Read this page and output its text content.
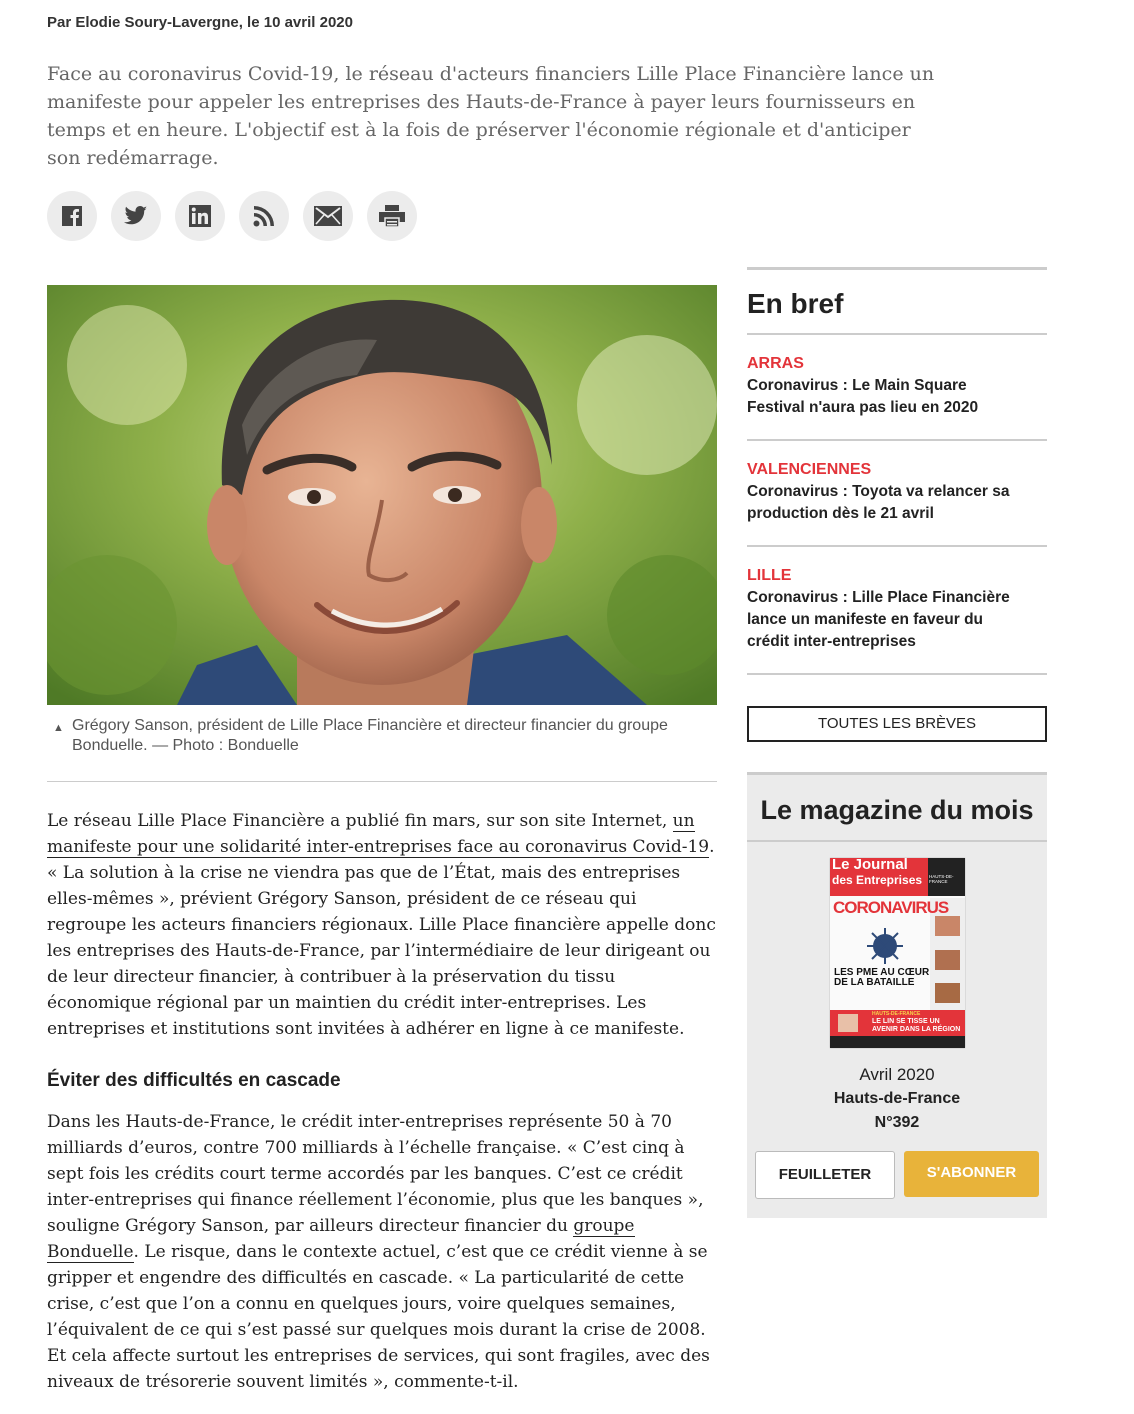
Par Elodie Soury-Lavergne, le 10 avril 2020
Face au coronavirus Covid-19, le réseau d'acteurs financiers Lille Place Financière lance un manifeste pour appeler les entreprises des Hauts-de-France à payer leurs fournisseurs en temps et en heure. L'objectif est à la fois de préserver l'économie régionale et d'anticiper son redémarrage.
▲ Grégory Sanson, président de Lille Place Financière et directeur financier du groupe Bonduelle. — Photo : Bonduelle
Le réseau Lille Place Financière a publié fin mars, sur son site Internet, un manifeste pour une solidarité inter-entreprises face au coronavirus Covid-19. « La solution à la crise ne viendra pas que de l’État, mais des entreprises elles-mêmes », prévient Grégory Sanson, président de ce réseau qui regroupe les acteurs financiers régionaux. Lille Place financière appelle donc les entreprises des Hauts-de-France, par l’intermédiaire de leur dirigeant ou de leur directeur financier, à contribuer à la préservation du tissu économique régional par un maintien du crédit inter-entreprises. Les entreprises et institutions sont invitées à adhérer en ligne à ce manifeste.
Éviter des difficultés en cascade
Dans les Hauts-de-France, le crédit inter-entreprises représente 50 à 70 milliards d’euros, contre 700 milliards à l’échelle française. « C’est cinq à sept fois les crédits court terme accordés par les banques. C’est ce crédit inter-entreprises qui finance réellement l’économie, plus que les banques », souligne Grégory Sanson, par ailleurs directeur financier du groupe Bonduelle. Le risque, dans le contexte actuel, c’est que ce crédit vienne à se gripper et engendre des difficultés en cascade. « La particularité de cette crise, c’est que l’on a connu en quelques jours, voire quelques semaines, l’équivalent de ce qui s’est passé sur quelques mois durant la crise de 2008. Et cela affecte surtout les entreprises de services, qui sont fragiles, avec des niveaux de trésorerie souvent limités », commente-t-il.
En bref
ARRAS
Coronavirus : Le Main Square Festival n'aura pas lieu en 2020
VALENCIENNES
Coronavirus : Toyota va relancer sa production dès le 21 avril
LILLE
Coronavirus : Lille Place Financière lance un manifeste en faveur du crédit inter-entreprises
TOUTES LES BRÈVES
Le magazine du mois
Le Journal
des Entreprises HAUTS-DE-FRANCE
CORONAVIRUS
LES PME AU CŒUR DE LA BATAILLE
HAUTS-DE-FRANCE
LE LIN SE TISSE UN AVENIR DANS LA RÉGION
Avril 2020
Hauts-de-France
N°392
FEUILLETER	S'ABONNER
